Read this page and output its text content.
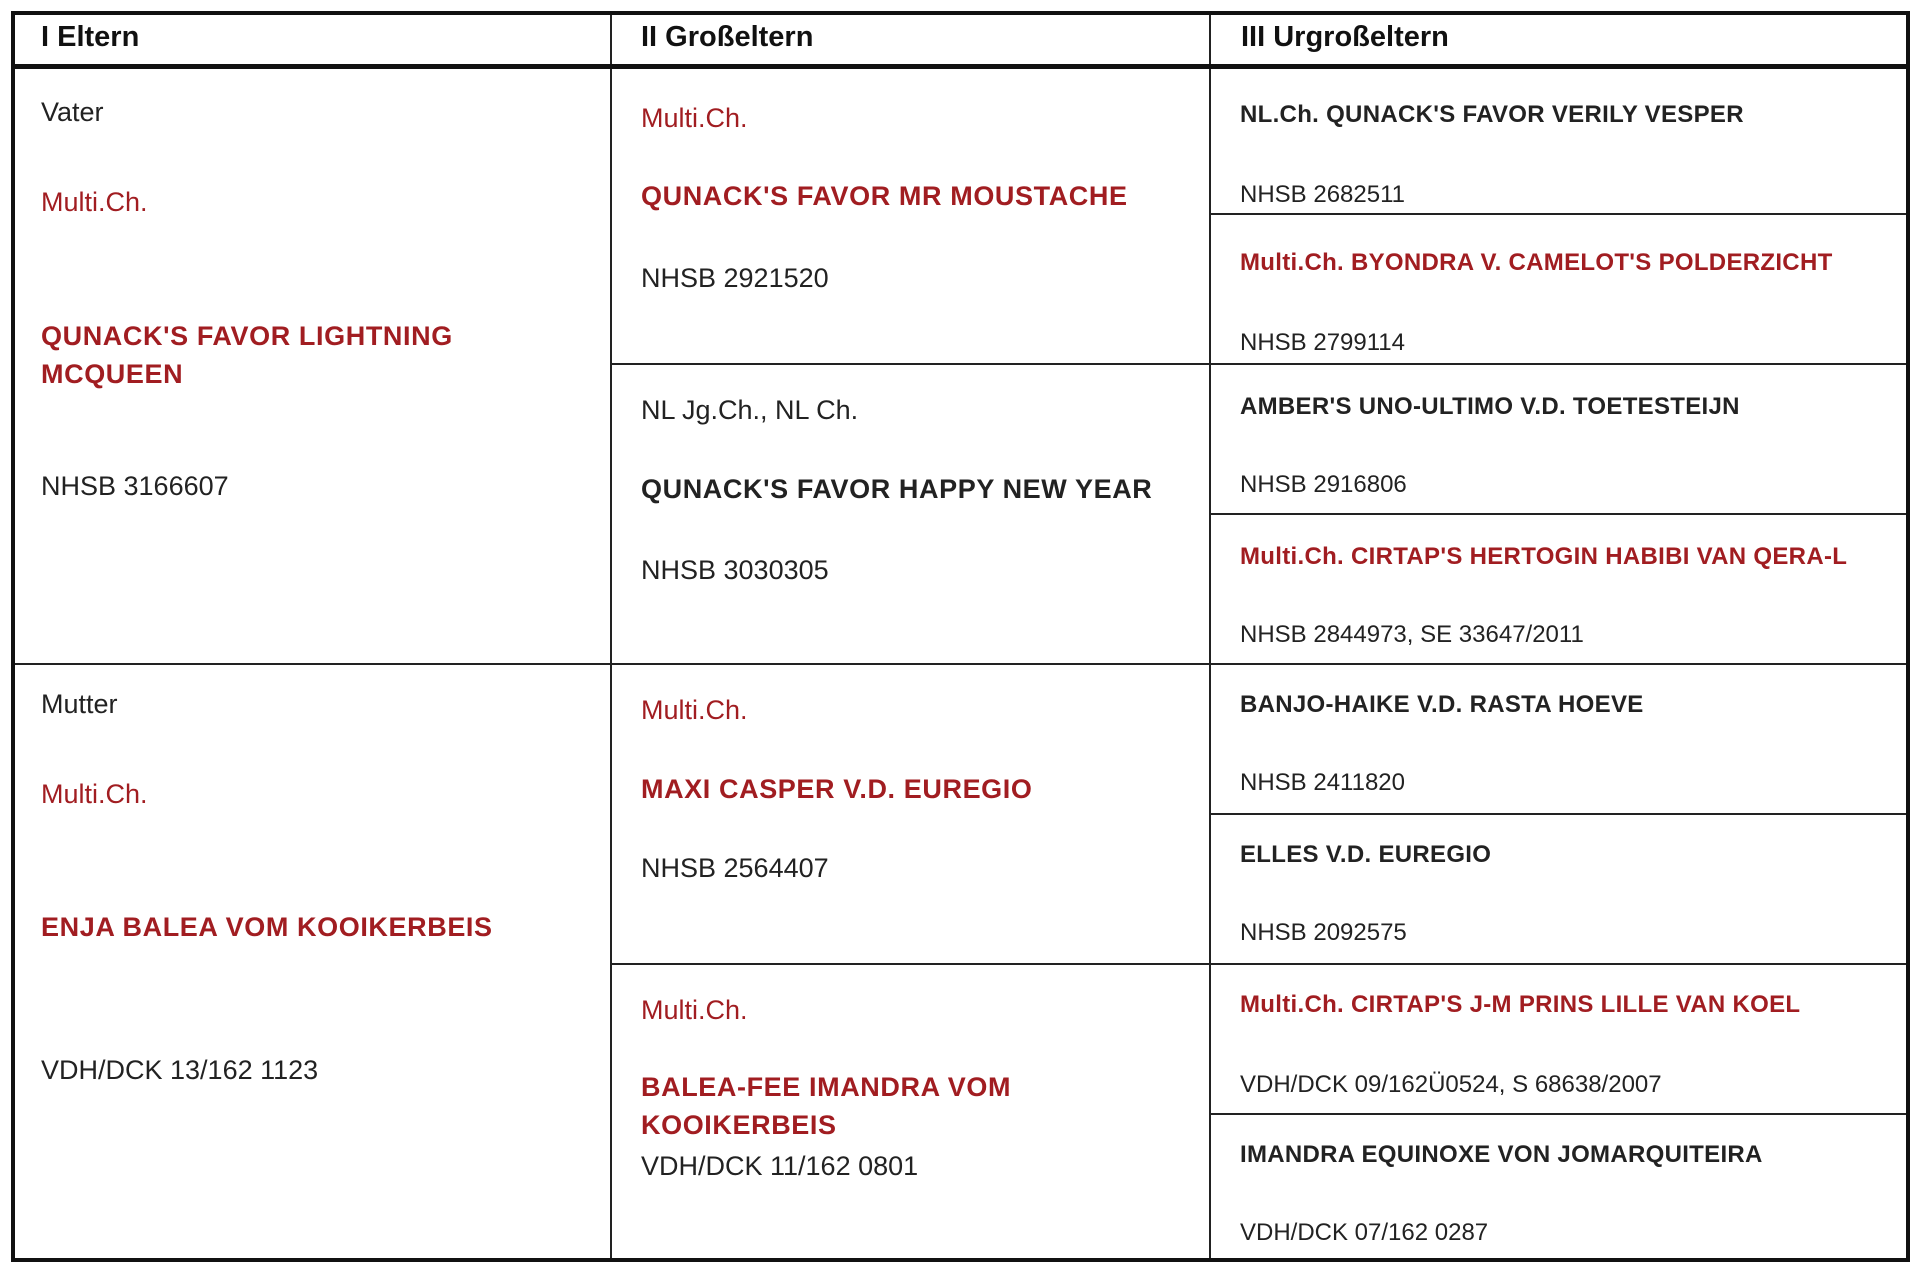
I Eltern	II Großeltern	III Urgroßeltern
Vater
Multi.Ch.
QUNACK'S FAVOR LIGHTNING MCQUEEN
NHSB 3166607
Mutter
Multi.Ch.
ENJA BALEA VOM KOOIKERBEIS
VDH/DCK 13/162 1123
Multi.Ch.
QUNACK'S FAVOR MR MOUSTACHE
NHSB 2921520
NL Jg.Ch., NL Ch.
QUNACK'S FAVOR HAPPY NEW YEAR
NHSB 3030305
Multi.Ch.
MAXI CASPER V.D. EUREGIO
NHSB 2564407
Multi.Ch.
BALEA-FEE IMANDRA VOM KOOIKERBEIS
VDH/DCK 11/162 0801
NL.Ch. QUNACK'S FAVOR VERILY VESPER
NHSB 2682511
Multi.Ch. BYONDRA V. CAMELOT'S POLDERZICHT
NHSB 2799114
AMBER'S UNO-ULTIMO V.D. TOETESTEIJN
NHSB 2916806
Multi.Ch. CIRTAP'S HERTOGIN HABIBI VAN QERA-L
NHSB 2844973, SE 33647/2011
BANJO-HAIKE V.D. RASTA HOEVE
NHSB 2411820
ELLES V.D. EUREGIO
NHSB 2092575
Multi.Ch. CIRTAP'S J-M PRINS LILLE VAN KOEL
VDH/DCK 09/162Ü0524, S 68638/2007
IMANDRA EQUINOXE VON JOMARQUITEIRA
VDH/DCK 07/162 0287
